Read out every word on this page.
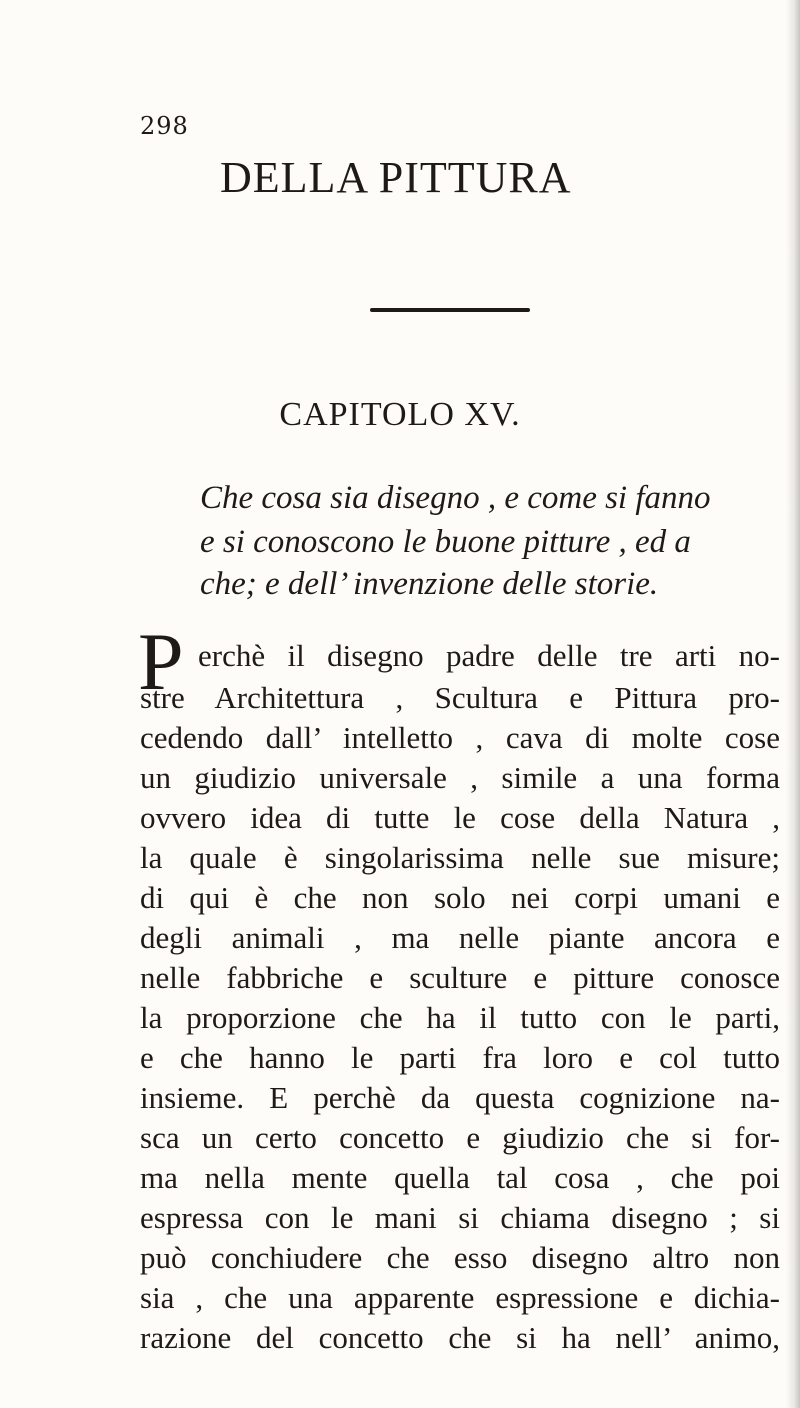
298
DELLA PITTURA
CAPITOLO XV.
Che cosa sia disegno , e come si fanno
e si conoscono le buone pitture , ed a
che; e dell’ invenzione delle storie.
P erchè il disegno padre delle tre arti no-
stre Architettura , Scultura e Pittura pro-
cedendo dall’ intelletto , cava di molte cose
un giudizio universale , simile a una forma
ovvero idea di tutte le cose della Natura ,
la quale è singolarissima nelle sue misure;
di qui è che non solo nei corpi umani e
degli animali , ma nelle piante ancora e
nelle fabbriche e sculture e pitture conosce
la proporzione che ha il tutto con le parti,
e che hanno le parti fra loro e col tutto
insieme. E perchè da questa cognizione na-
sca un certo concetto e giudizio che si for-
ma nella mente quella tal cosa , che poi
espressa con le mani si chiama disegno ; si
può conchiudere che esso disegno altro non
sia , che una apparente espressione e dichia-
razione del concetto che si ha nell’ animo,
